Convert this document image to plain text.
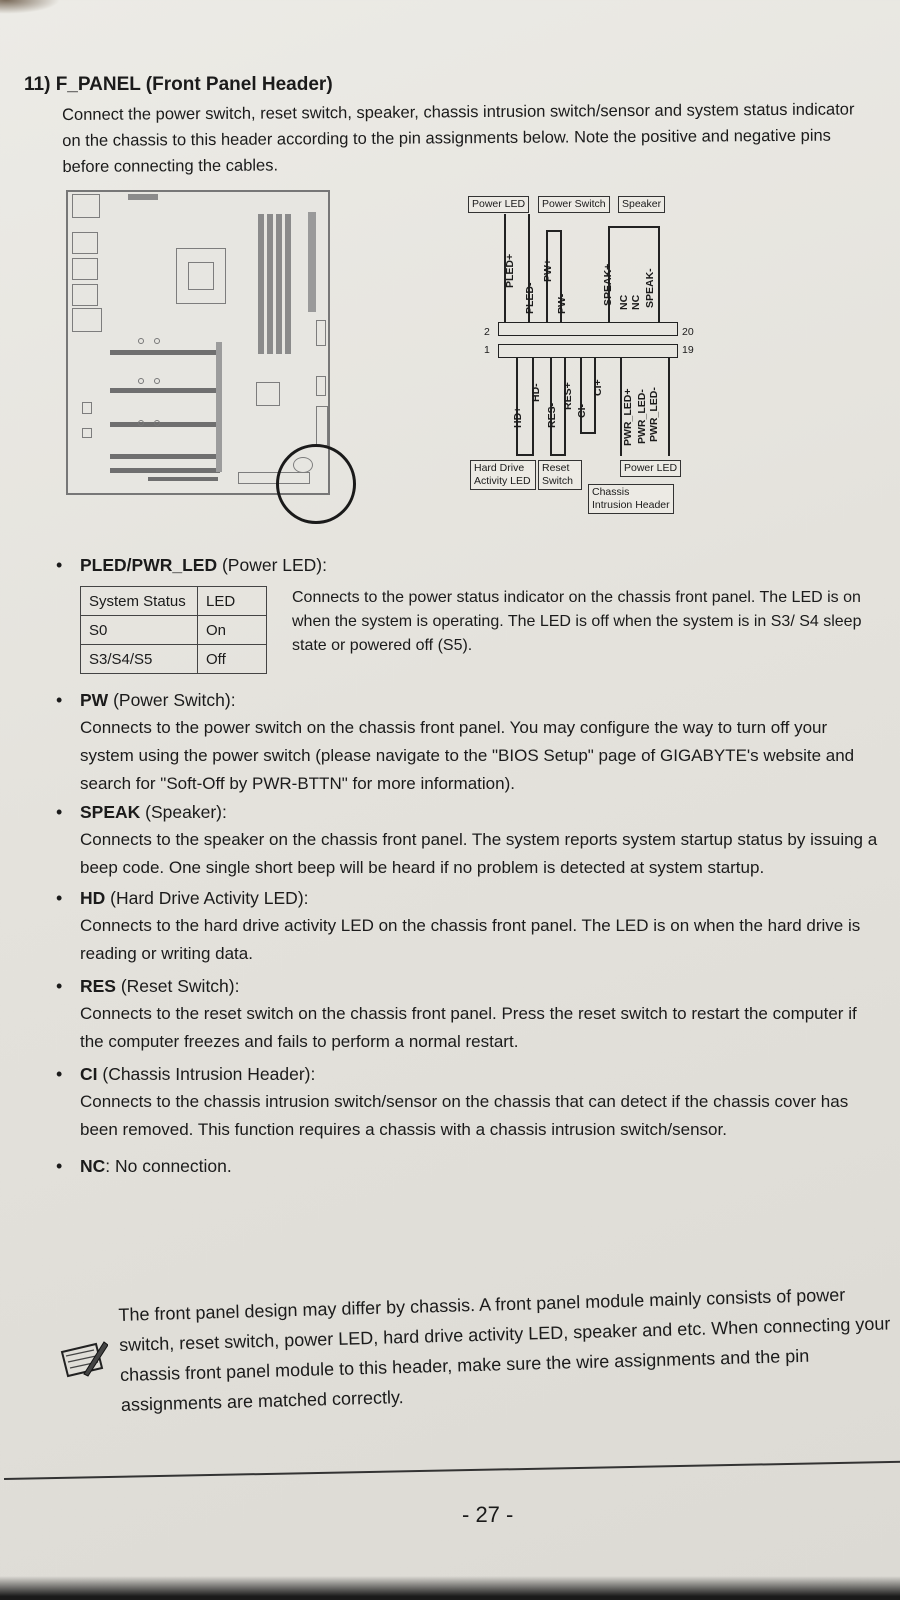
11) F_PANEL (Front Panel Header)
Connect the power switch, reset switch, speaker, chassis intrusion switch/sensor and system status indicator on the chassis to this header according to the pin assignments below. Note the positive and negative pins before connecting the cables.
Power LED	Power Switch	Speaker
PLED+
PLED-
PW+
PW-	SPEAK+ NC NC SPEAK-
2
1
20
19
HD+
HD-
RES-
RES+
CI-
CI+
PWR_LED+ PWR_LED- PWR_LED-
Hard Drive Activity LED
Reset Switch
Chassis Intrusion Header
Power LED
• PLED/PWR_LED (Power LED):
System Status	LED
S0	On
S3/S4/S5	Off
Connects to the power status indicator on the chassis front panel. The LED is on when the system is operating. The LED is off when the system is in S3/ S4 sleep state or powered off (S5).
• PW (Power Switch):
Connects to the power switch on the chassis front panel. You may configure the way to turn off your system using the power switch (please navigate to the "BIOS Setup" page of GIGABYTE's website and search for "Soft-Off by PWR-BTTN" for more information).
• SPEAK (Speaker):
Connects to the speaker on the chassis front panel. The system reports system startup status by issuing a beep code. One single short beep will be heard if no problem is detected at system startup.
• HD (Hard Drive Activity LED):
Connects to the hard drive activity LED on the chassis front panel. The LED is on when the hard drive is reading or writing data.
• RES (Reset Switch):
Connects to the reset switch on the chassis front panel. Press the reset switch to restart the computer if the computer freezes and fails to perform a normal restart.
• CI (Chassis Intrusion Header):
Connects to the chassis intrusion switch/sensor on the chassis that can detect if the chassis cover has been removed. This function requires a chassis with a chassis intrusion switch/sensor.
• NC: No connection.
The front panel design may differ by chassis. A front panel module mainly consists of power switch, reset switch, power LED, hard drive activity LED, speaker and etc. When connecting your chassis front panel module to this header, make sure the wire assignments and the pin assignments are matched correctly.
- 27 -
